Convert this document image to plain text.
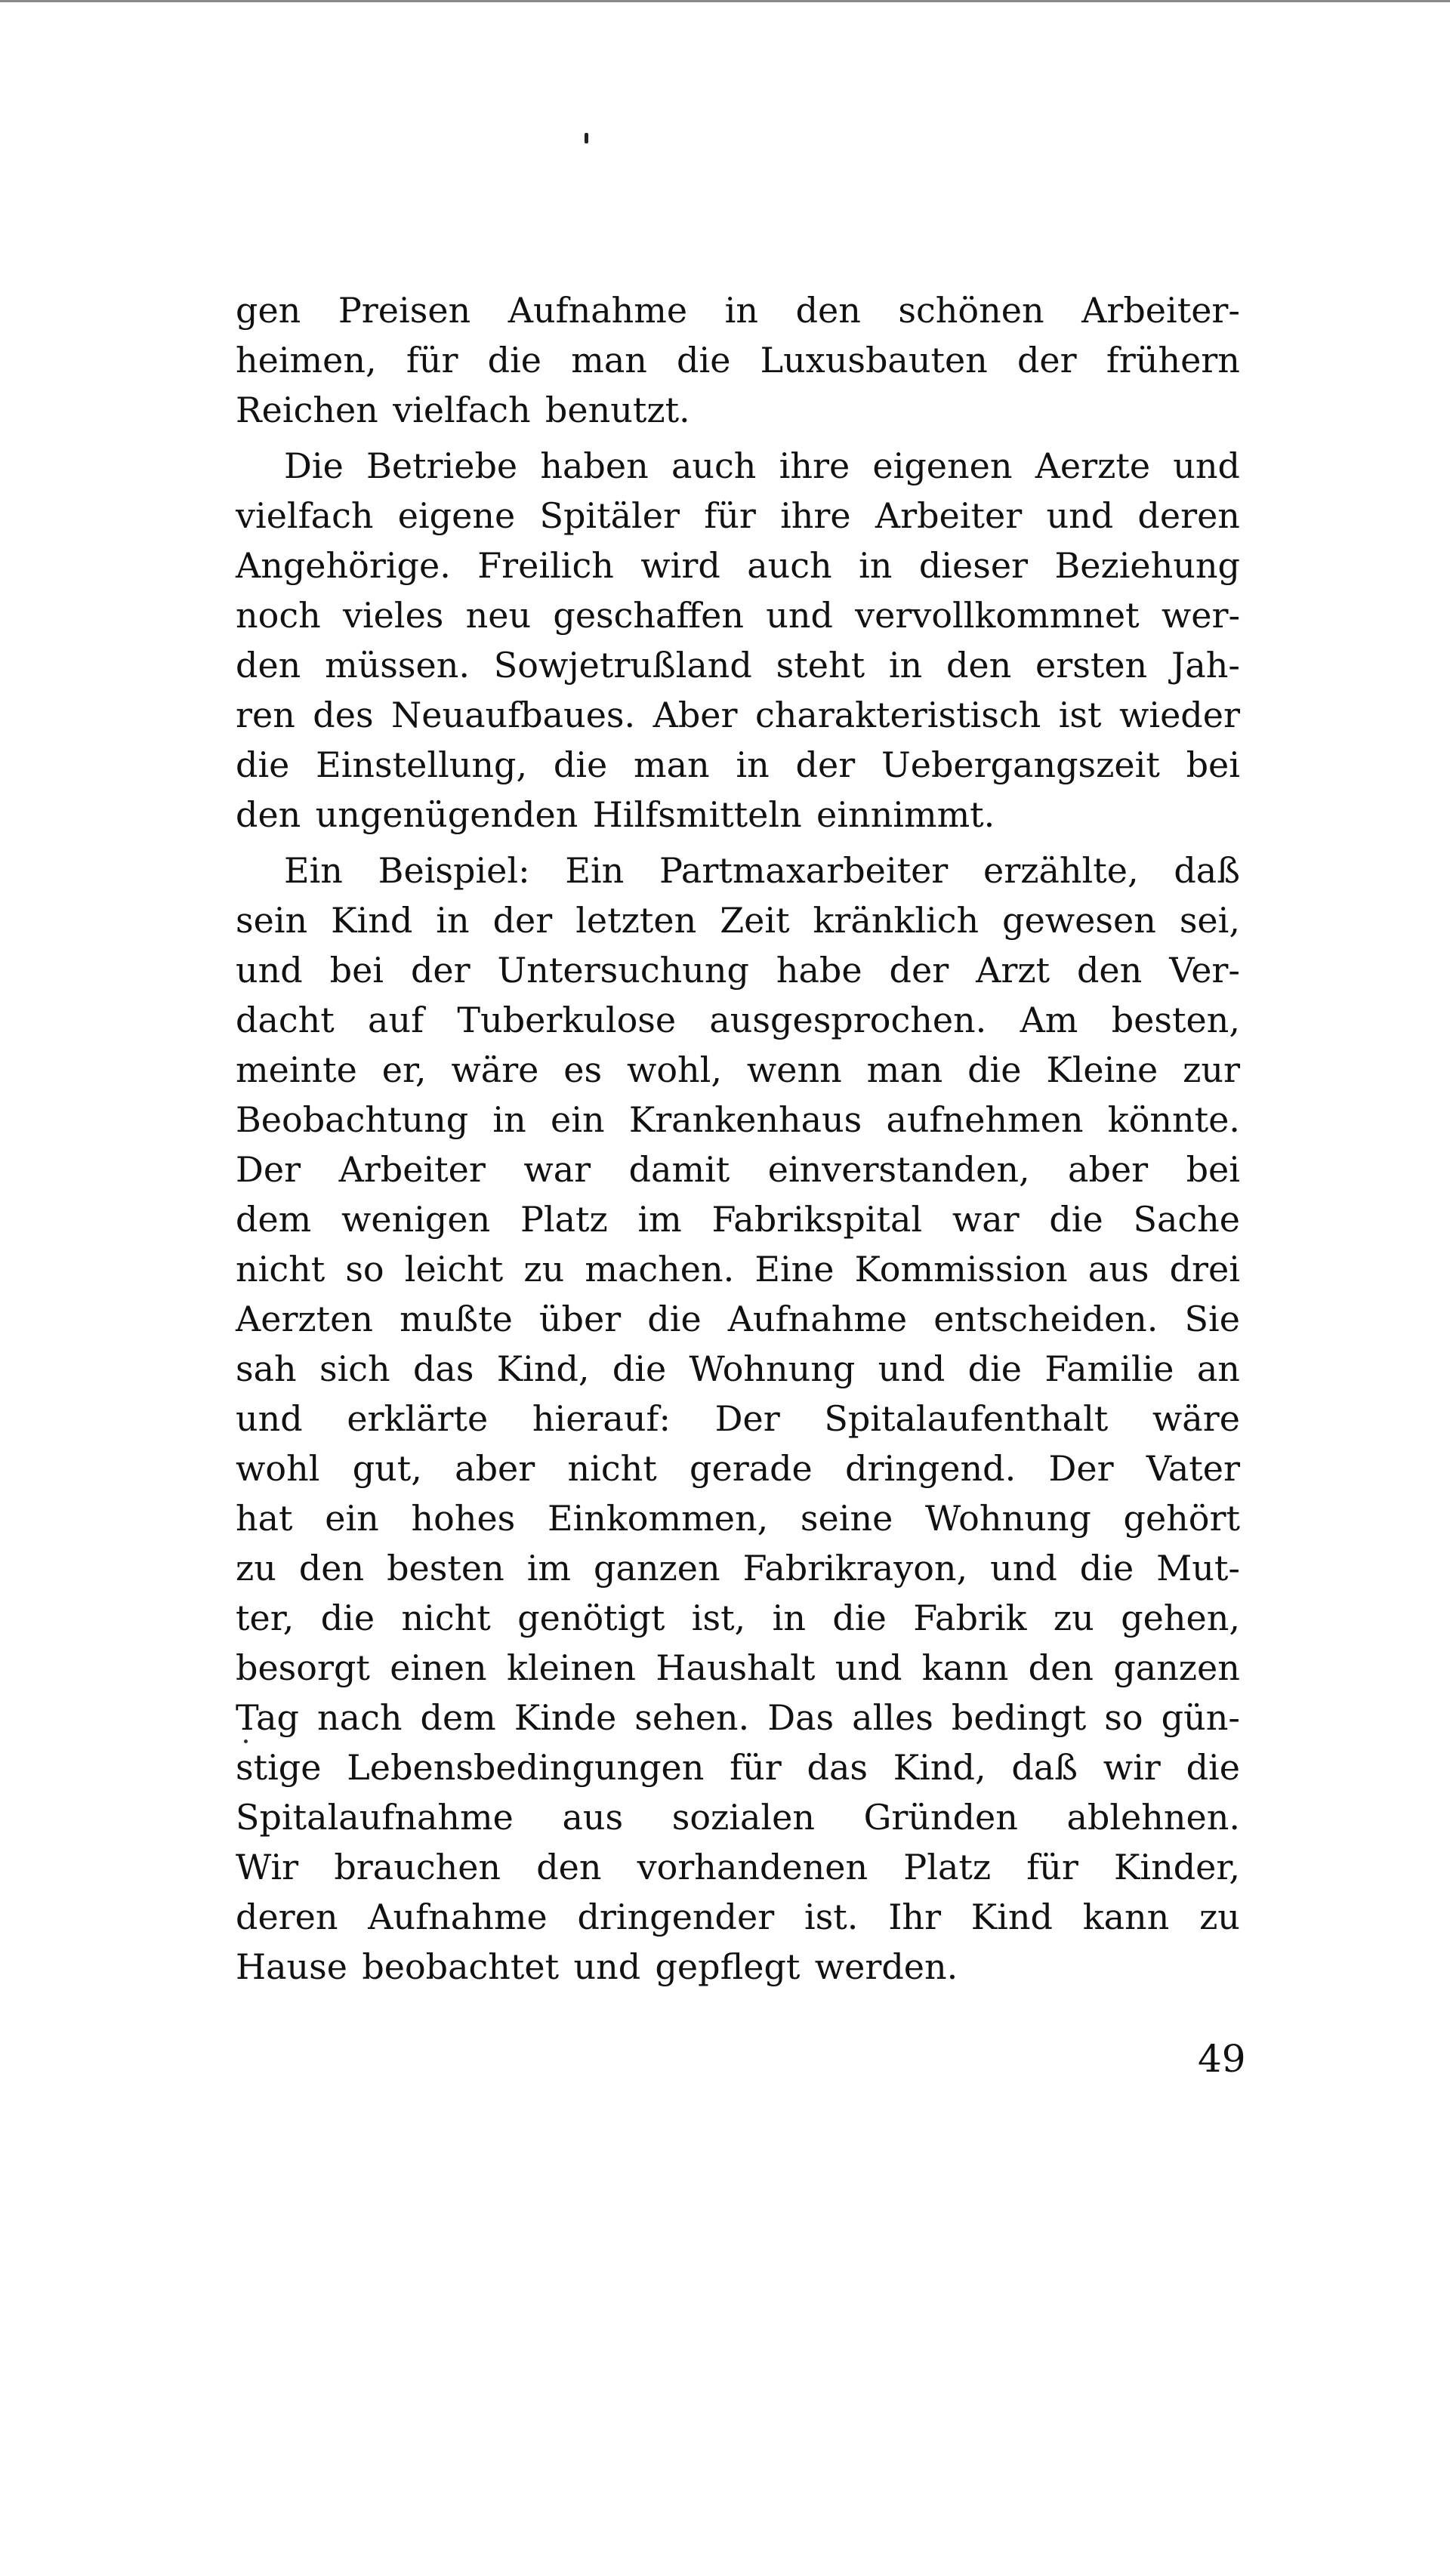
gen Preisen Aufnahme in den schönen Arbeiter-
heimen, für die man die Luxusbauten der frühern
Reichen vielfach benutzt.
Die Betriebe haben auch ihre eigenen Aerzte und
vielfach eigene Spitäler für ihre Arbeiter und deren
Angehörige. Freilich wird auch in dieser Beziehung
noch vieles neu geschaffen und vervollkommnet wer-
den müssen. Sowjetrußland steht in den ersten Jah-
ren des Neuaufbaues. Aber charakteristisch ist wieder
die Einstellung, die man in der Uebergangszeit bei
den ungenügenden Hilfsmitteln einnimmt.
Ein Beispiel: Ein Partmaxarbeiter erzählte, daß
sein Kind in der letzten Zeit kränklich gewesen sei,
und bei der Untersuchung habe der Arzt den Ver-
dacht auf Tuberkulose ausgesprochen. Am besten,
meinte er, wäre es wohl, wenn man die Kleine zur
Beobachtung in ein Krankenhaus aufnehmen könnte.
Der Arbeiter war damit einverstanden, aber bei
dem wenigen Platz im Fabrikspital war die Sache
nicht so leicht zu machen. Eine Kommission aus drei
Aerzten mußte über die Aufnahme entscheiden. Sie
sah sich das Kind, die Wohnung und die Familie an
und erklärte hierauf: Der Spitalaufenthalt wäre
wohl gut, aber nicht gerade dringend. Der Vater
hat ein hohes Einkommen, seine Wohnung gehört
zu den besten im ganzen Fabrikrayon, und die Mut-
ter, die nicht genötigt ist, in die Fabrik zu gehen,
besorgt einen kleinen Haushalt und kann den ganzen
Tag nach dem Kinde sehen. Das alles bedingt so gün-
stige Lebensbedingungen für das Kind, daß wir die
Spitalaufnahme aus sozialen Gründen ablehnen.
Wir brauchen den vorhandenen Platz für Kinder,
deren Aufnahme dringender ist. Ihr Kind kann zu
Hause beobachtet und gepflegt werden.
49
